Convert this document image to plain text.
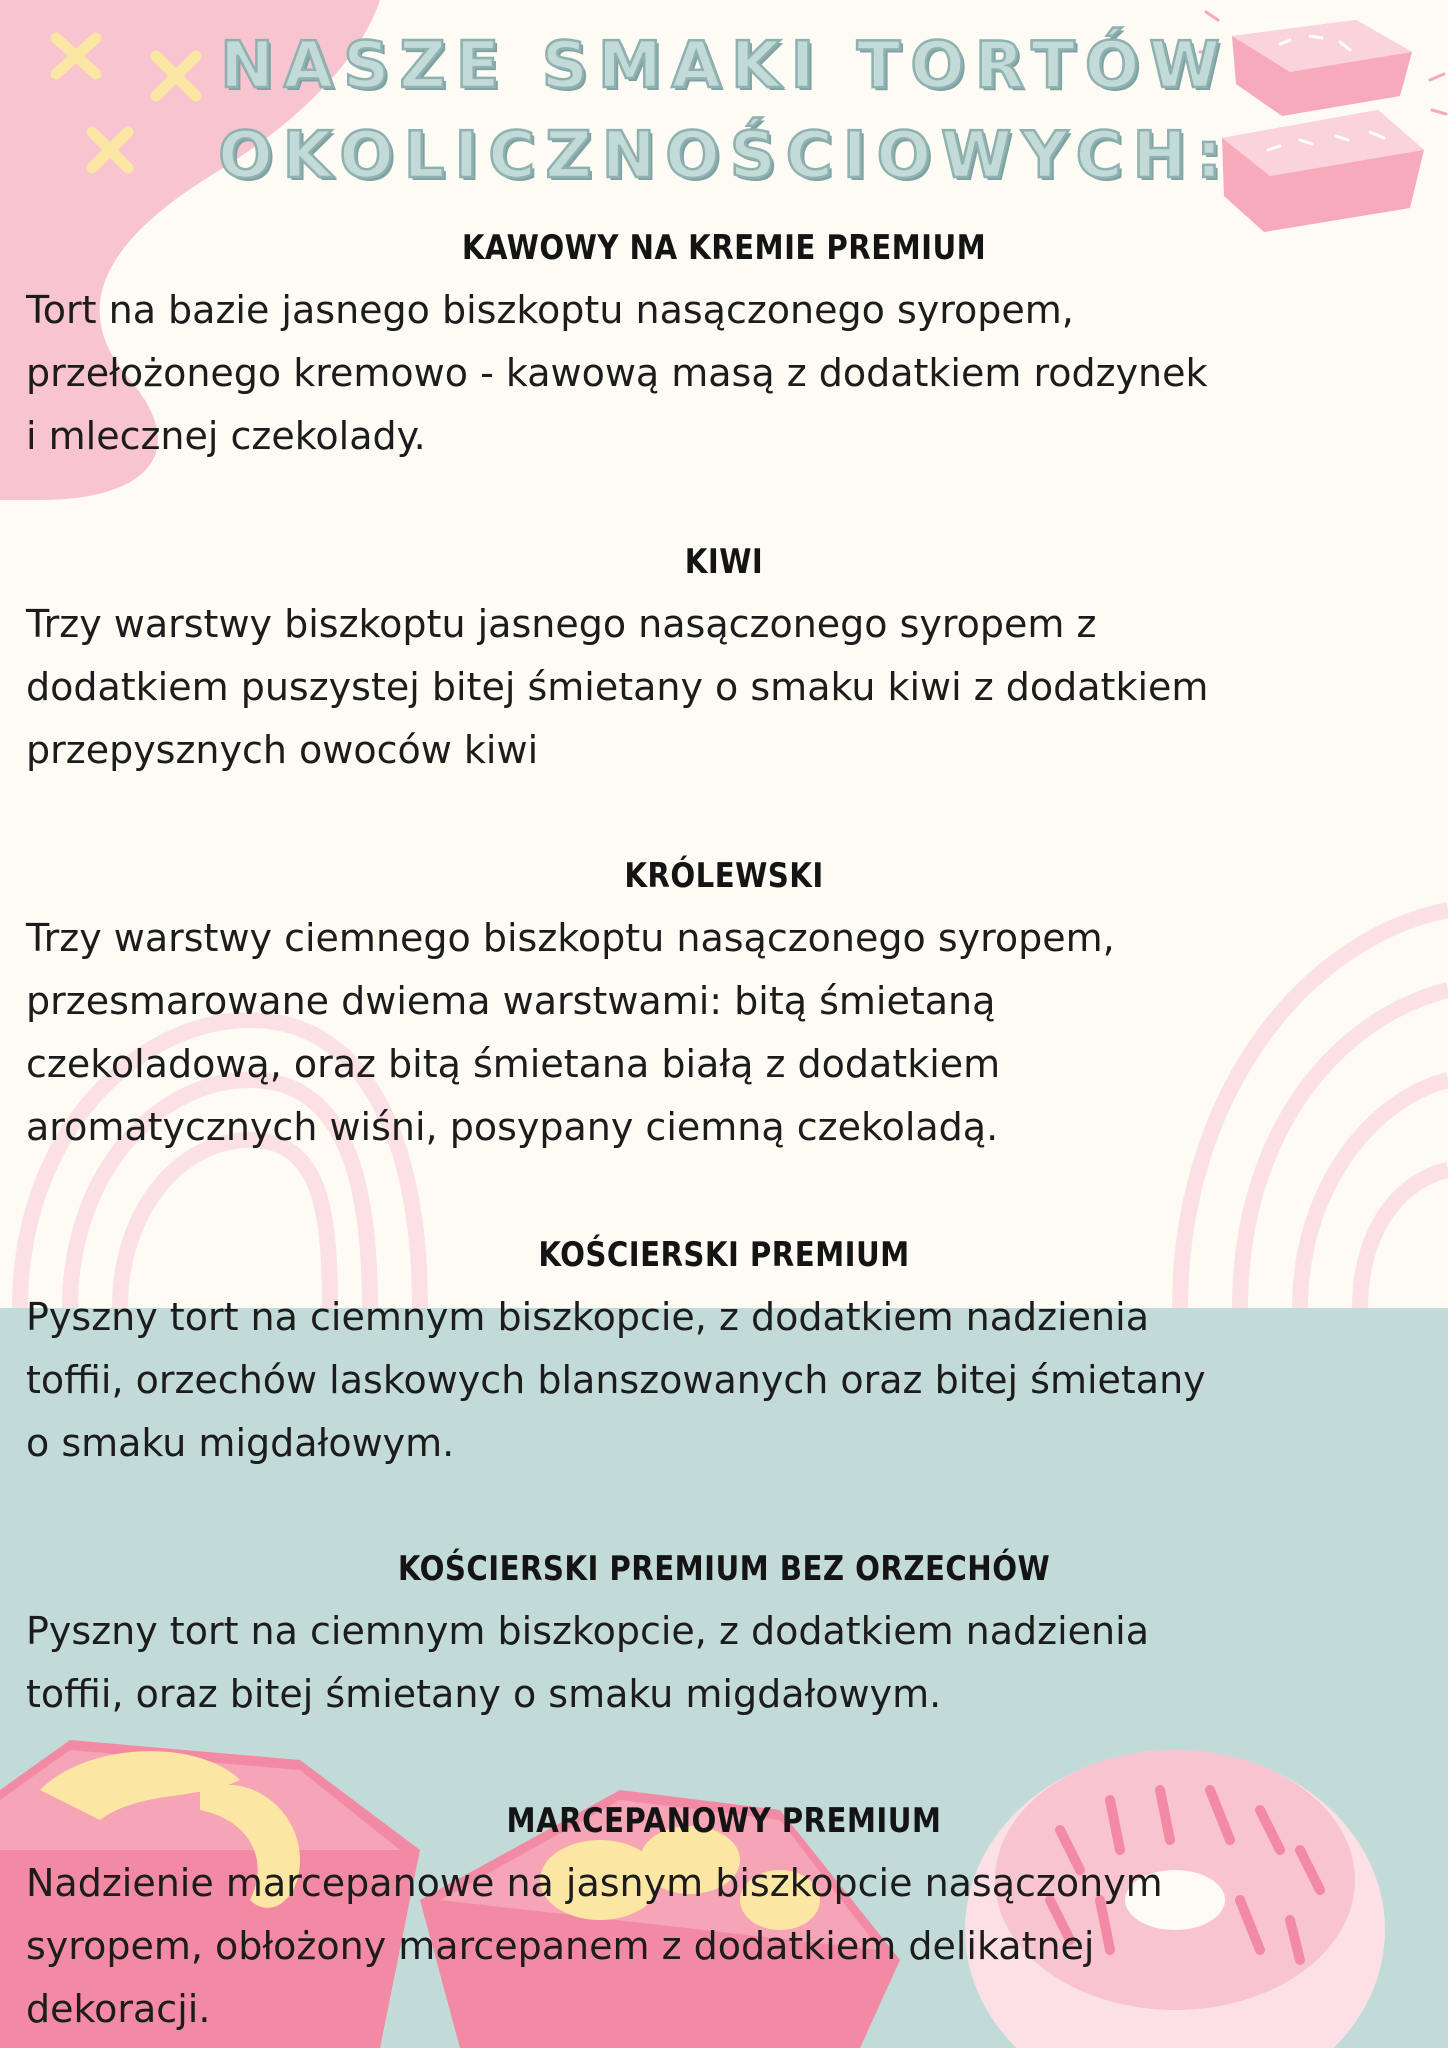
NASZE SMAKI TORTÓW
OKOLICZNOŚCIOWYCH:
KAWOWY NA KREMIE PREMIUM

Tort na bazie jasnego biszkoptu nasączonego syropem,

przełożonego kremowo - kawową masą z dodatkiem rodzynek

i mlecznej czekolady.

KIWI

Trzy warstwy biszkoptu jasnego nasączonego syropem z

dodatkiem puszystej bitej śmietany o smaku kiwi z dodatkiem

przepysznych owoców kiwi

KRÓLEWSKI

Trzy warstwy ciemnego biszkoptu nasączonego syropem,

przesmarowane dwiema warstwami: bitą śmietaną

czekoladową, oraz bitą śmietana białą z dodatkiem

aromatycznych wiśni, posypany ciemną czekoladą.

KOŚCIERSKI PREMIUM

Pyszny tort na ciemnym biszkopcie, z dodatkiem nadzienia

toffii, orzechów laskowych blanszowanych oraz bitej śmietany

o smaku migdałowym.

KOŚCIERSKI PREMIUM BEZ ORZECHÓW

Pyszny tort na ciemnym biszkopcie, z dodatkiem nadzienia

toffii, oraz bitej śmietany o smaku migdałowym.

MARCEPANOWY PREMIUM

Nadzienie marcepanowe na jasnym biszkopcie nasączonym

syropem, obłożony marcepanem z dodatkiem delikatnej

dekoracji.
